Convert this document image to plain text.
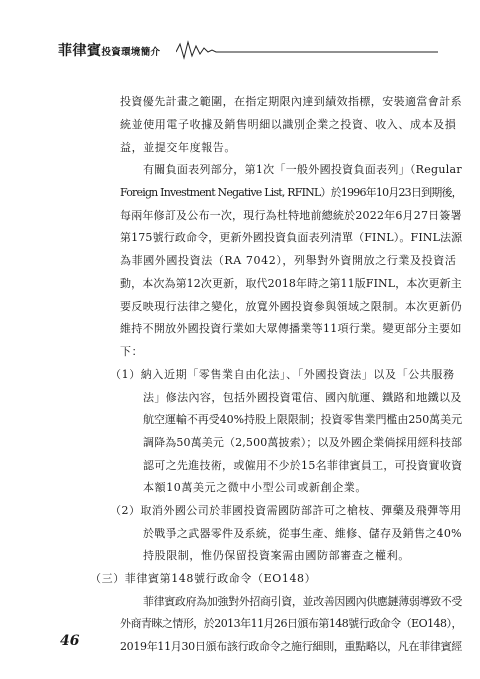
菲律賓投資環境簡介
投資優先計畫之範圍，在指定期限內達到績效指標，安裝適當會計系
統並使用電子收據及銷售明細以識別企業之投資、收入、成本及損
益，並提交年度報告。
有關負面表列部分，第1次「一般外國投資負面表列」（Regular
Foreign Investment Negative List, RFINL）於1996年10月23日到期後，
每兩年修訂及公布一次，現行為杜特地前總統於2022年6月27日簽署
第175號行政命令，更新外國投資負面表列清單（FINL）。FINL法源
為菲國外國投資法（RA 7042），列舉對外資開放之行業及投資活
動，本次為第12次更新，取代2018年時之第11版FINL，本次更新主
要反映現行法律之變化，放寬外國投資參與領域之限制。本次更新仍
維持不開放外國投資行業如大眾傳播業等11項行業。變更部分主要如
下：
（1）納入近期「零售業自由化法」、「外國投資法」以及「公共服務
法」修法內容，包括外國投資電信、國內航運、鐵路和地鐵以及
航空運輸不再受40%持股上限限制；投資零售業門檻由250萬美元
調降為50萬美元（2,500萬披索）；以及外國企業倘採用經科技部
認可之先進技術，或僱用不少於15名菲律賓員工，可投資實收資
本額10萬美元之微中小型公司或新創企業。
（2）取消外國公司於菲國投資需國防部許可之槍枝、彈藥及飛彈等用
於戰爭之武器零件及系統，從事生產、維修、儲存及銷售之40%
持股限制，惟仍保留投資案需由國防部審查之權利。
（三）菲律賓第148號行政命令（EO148）
菲律賓政府為加強對外招商引資，並改善因國內供應鏈薄弱導致不受
外商青睞之情形，於2013年11月26日頒布第148號行政命令（EO148），
2019年11月30日頒布該行政命令之施行細則，重點略以，凡在菲律賓經
46
